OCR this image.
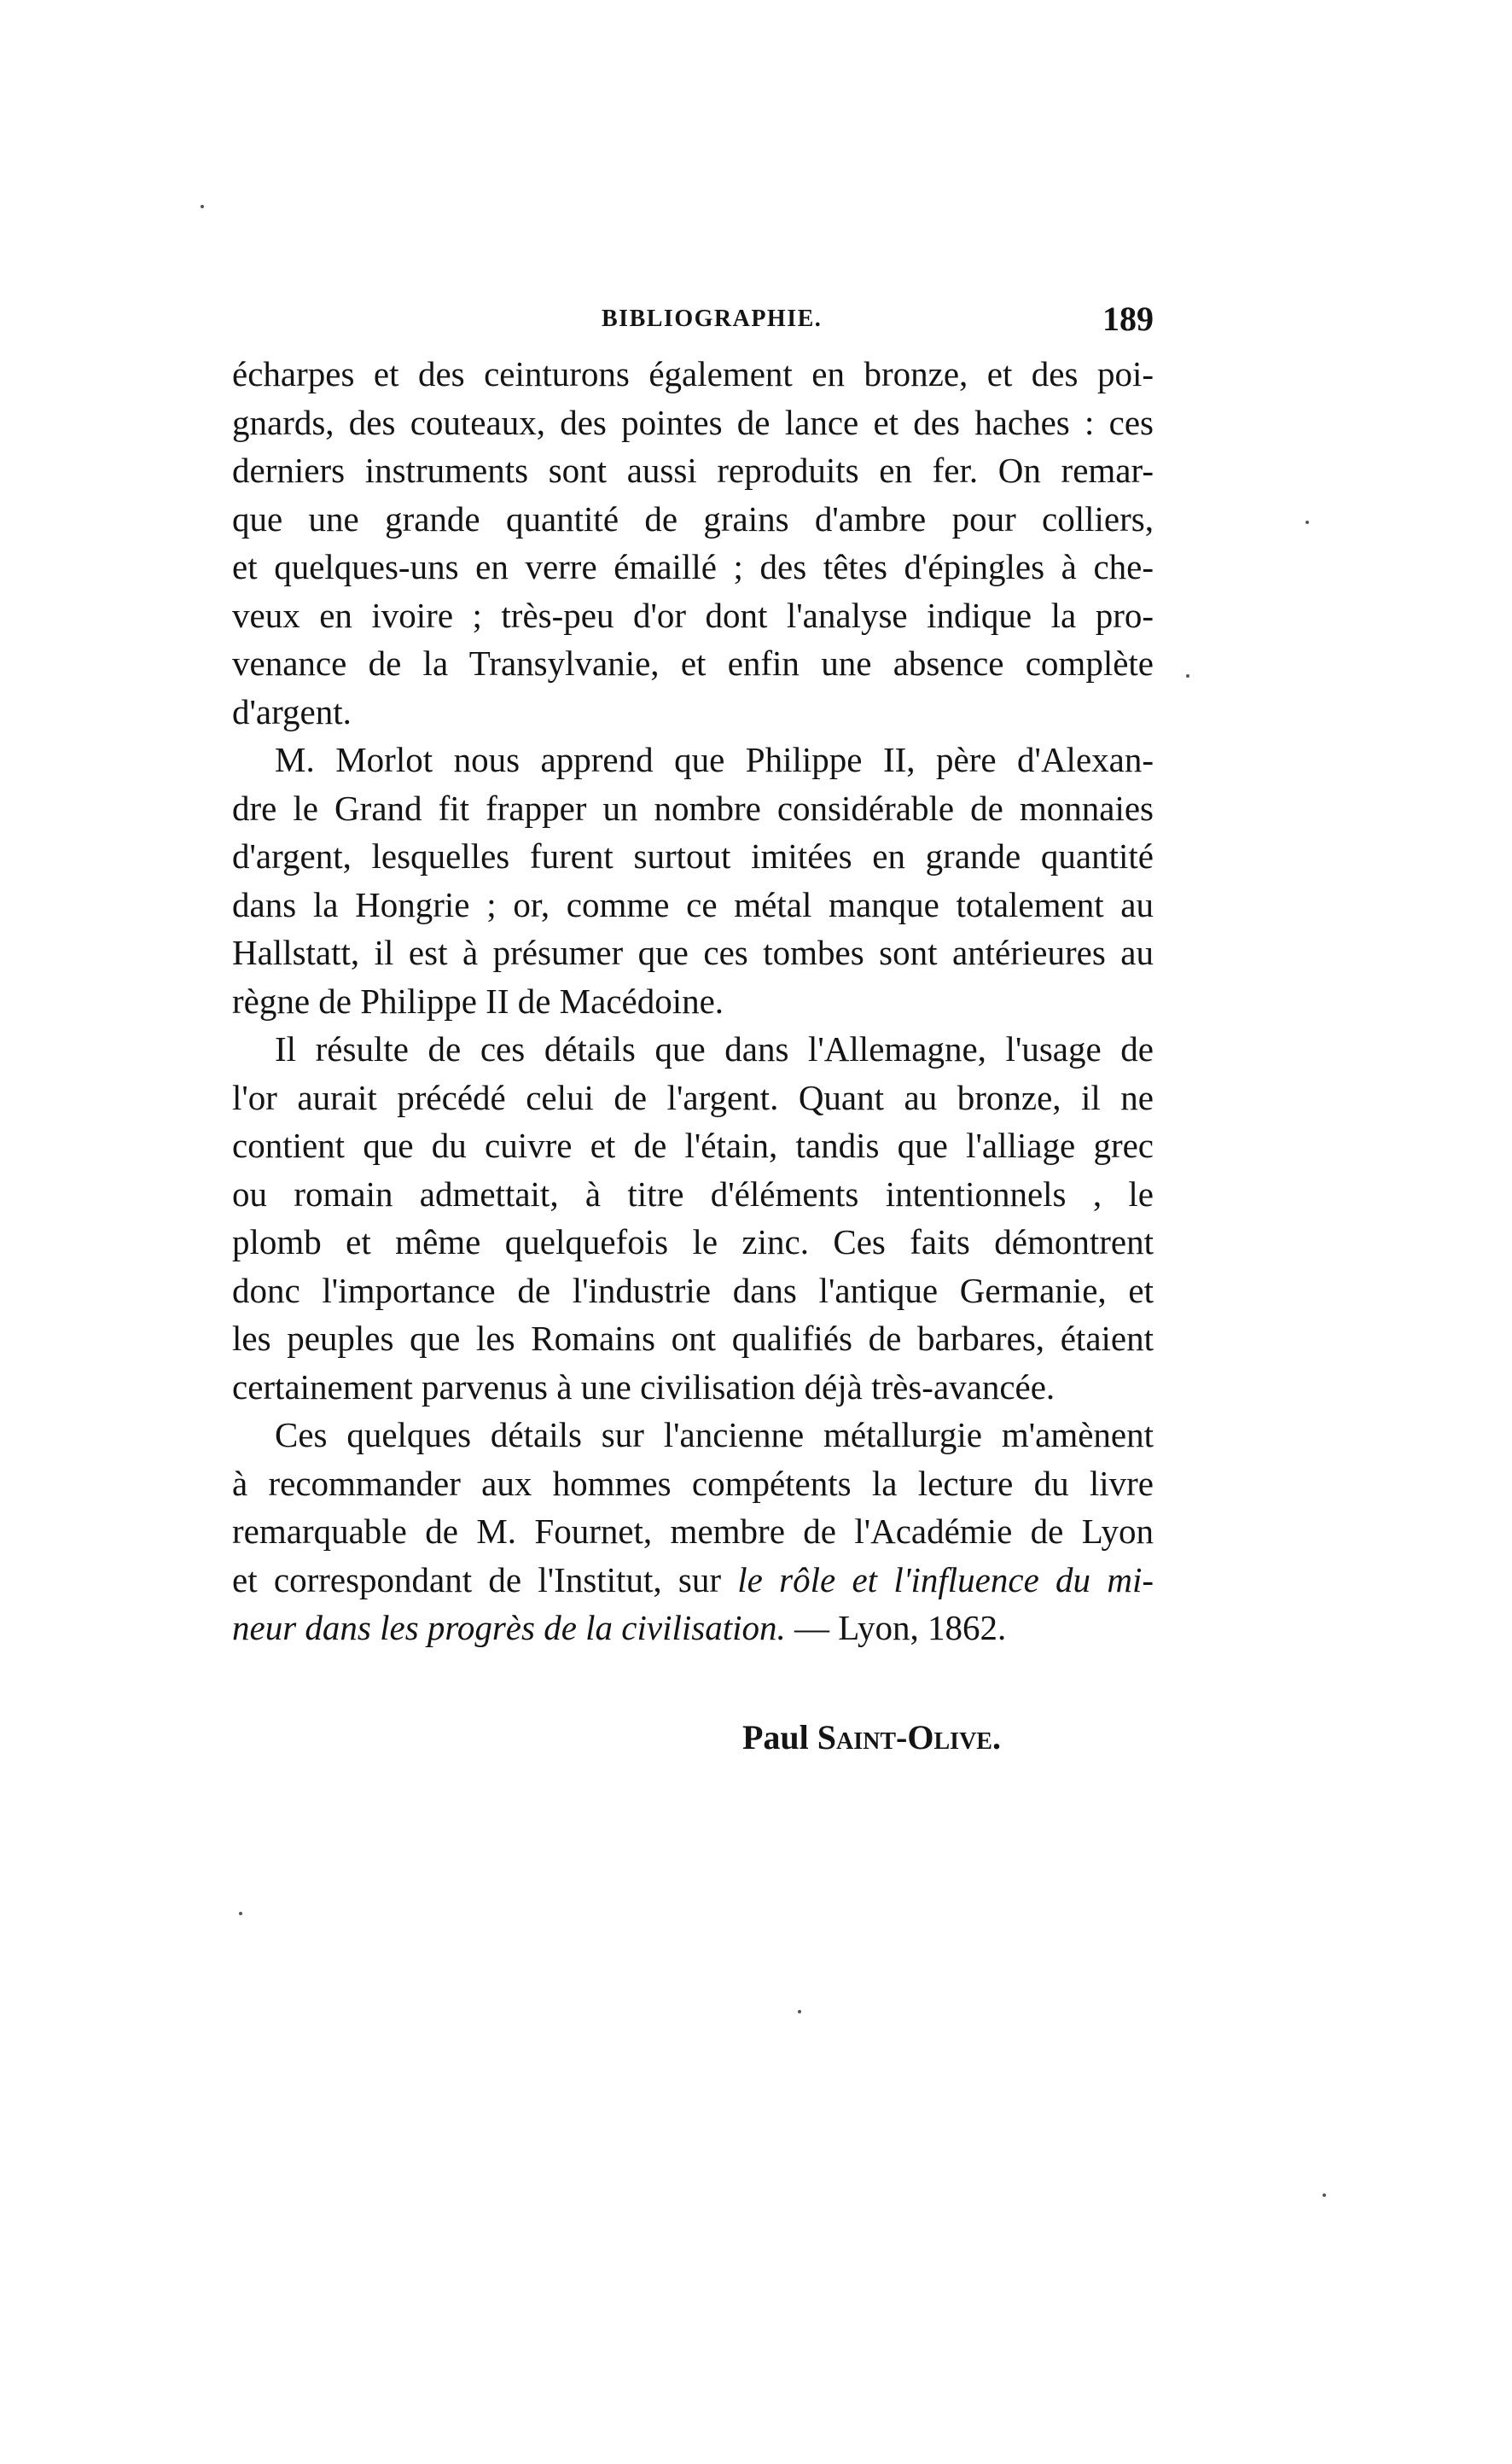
BIBLIOGRAPHIE.	189
écharpes et des ceinturons également en bronze, et des poi-
gnards, des couteaux, des pointes de lance et des haches : ces
derniers instruments sont aussi reproduits en fer. On remar-
que une grande quantité de grains d'ambre pour colliers,
et quelques-uns en verre émaillé ; des têtes d'épingles à che-
veux en ivoire ; très-peu d'or dont l'analyse indique la pro-
venance de la Transylvanie, et enfin une absence complète
d'argent.
M. Morlot nous apprend que Philippe II, père d'Alexan-
dre le Grand fit frapper un nombre considérable de monnaies
d'argent, lesquelles furent surtout imitées en grande quantité
dans la Hongrie ; or, comme ce métal manque totalement au
Hallstatt, il est à présumer que ces tombes sont antérieures au
règne de Philippe II de Macédoine.
Il résulte de ces détails que dans l'Allemagne, l'usage de
l'or aurait précédé celui de l'argent. Quant au bronze, il ne
contient que du cuivre et de l'étain, tandis que l'alliage grec
ou romain admettait, à titre d'éléments intentionnels , le
plomb et même quelquefois le zinc. Ces faits démontrent
donc l'importance de l'industrie dans l'antique Germanie, et
les peuples que les Romains ont qualifiés de barbares, étaient
certainement parvenus à une civilisation déjà très-avancée.
Ces quelques détails sur l'ancienne métallurgie m'amènent
à recommander aux hommes compétents la lecture du livre
remarquable de M. Fournet, membre de l'Académie de Lyon
et correspondant de l'Institut, sur le rôle et l'influence du mi-
neur dans les progrès de la civilisation. — Lyon, 1862.
Paul Saint-Olive.
